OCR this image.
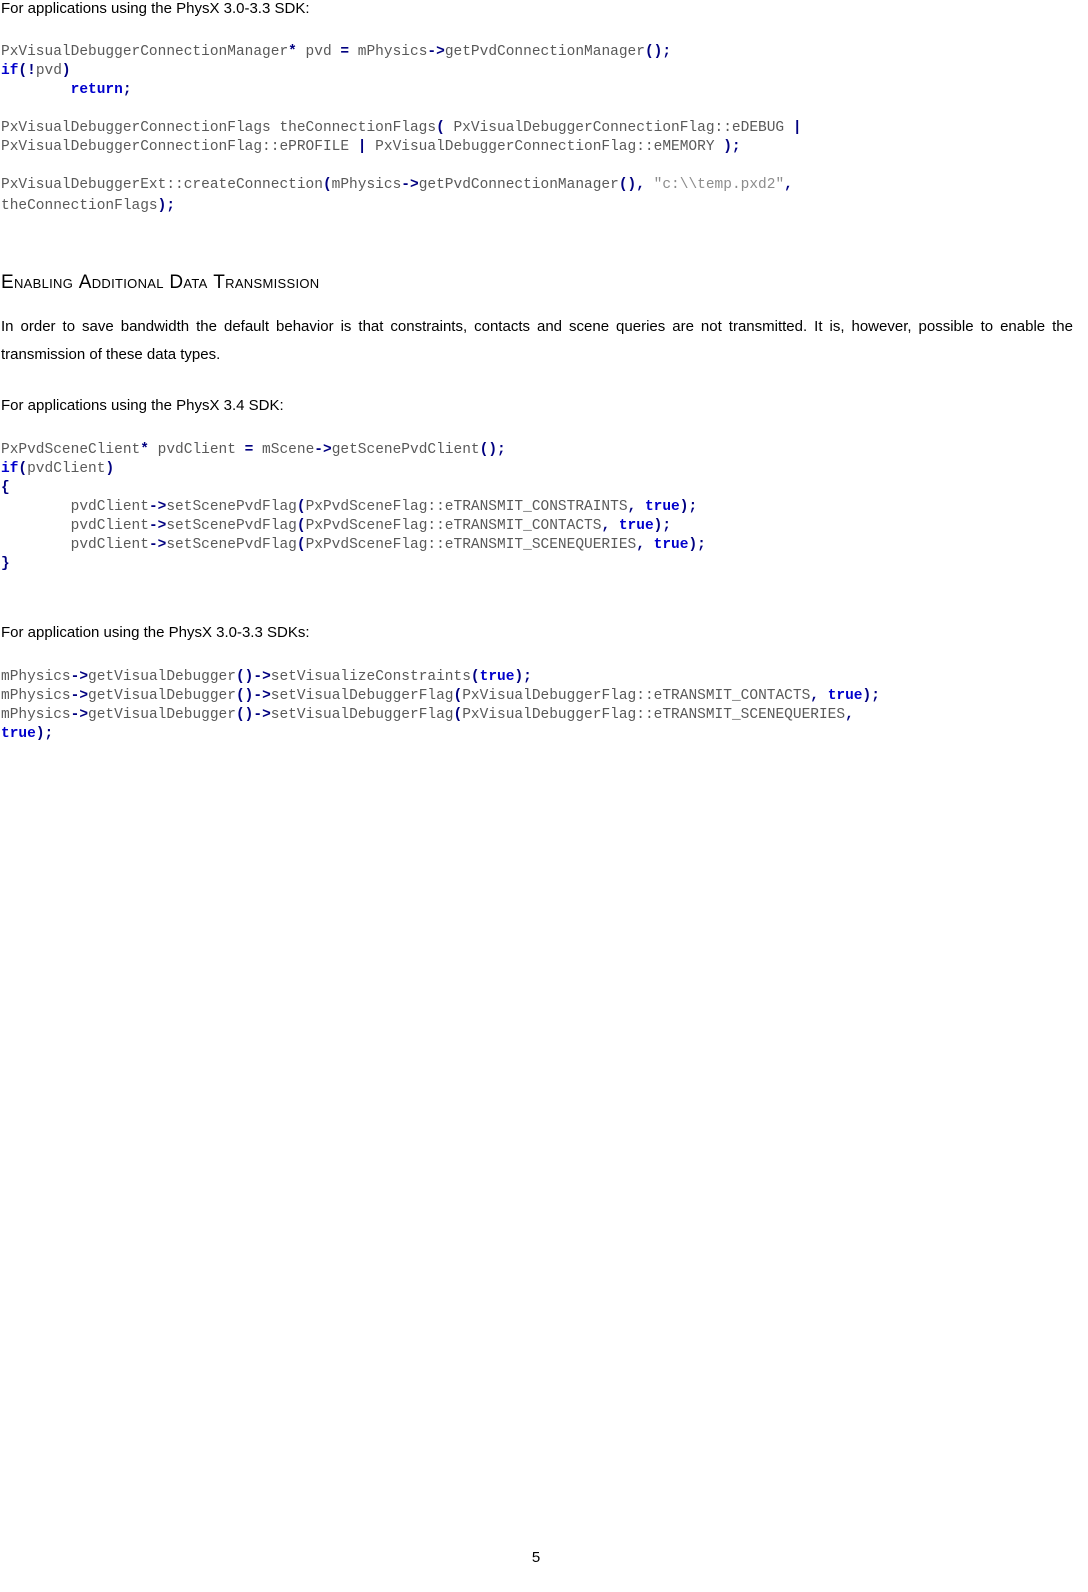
For applications using the PhysX 3.0-3.3 SDK:

PxVisualDebuggerConnectionManager* pvd = mPhysics->getPvdConnectionManager();
if(!pvd)
return;
PxVisualDebuggerConnectionFlags theConnectionFlags( PxVisualDebuggerConnectionFlag::eDEBUG |
PxVisualDebuggerConnectionFlag::ePROFILE | PxVisualDebuggerConnectionFlag::eMEMORY );
PxVisualDebuggerExt::createConnection(mPhysics->getPvdConnectionManager(), "c:\\temp.pxd2",
theConnectionFlags);
Enabling Additional Data Transmission

In order to save bandwidth the default behavior is that constraints, contacts and scene queries are not transmitted. It is, however, possible to enable the transmission of these data types.

For applications using the PhysX 3.4 SDK:

PxPvdSceneClient* pvdClient = mScene->getScenePvdClient();
if(pvdClient)
{
pvdClient->setScenePvdFlag(PxPvdSceneFlag::eTRANSMIT_CONSTRAINTS, true);
pvdClient->setScenePvdFlag(PxPvdSceneFlag::eTRANSMIT_CONTACTS, true);
pvdClient->setScenePvdFlag(PxPvdSceneFlag::eTRANSMIT_SCENEQUERIES, true);
}

For application using the PhysX 3.0-3.3 SDKs:

mPhysics->getVisualDebugger()->setVisualizeConstraints(true);
mPhysics->getVisualDebugger()->setVisualDebuggerFlag(PxVisualDebuggerFlag::eTRANSMIT_CONTACTS, true);
mPhysics->getVisualDebugger()->setVisualDebuggerFlag(PxVisualDebuggerFlag::eTRANSMIT_SCENEQUERIES,
true);
5
